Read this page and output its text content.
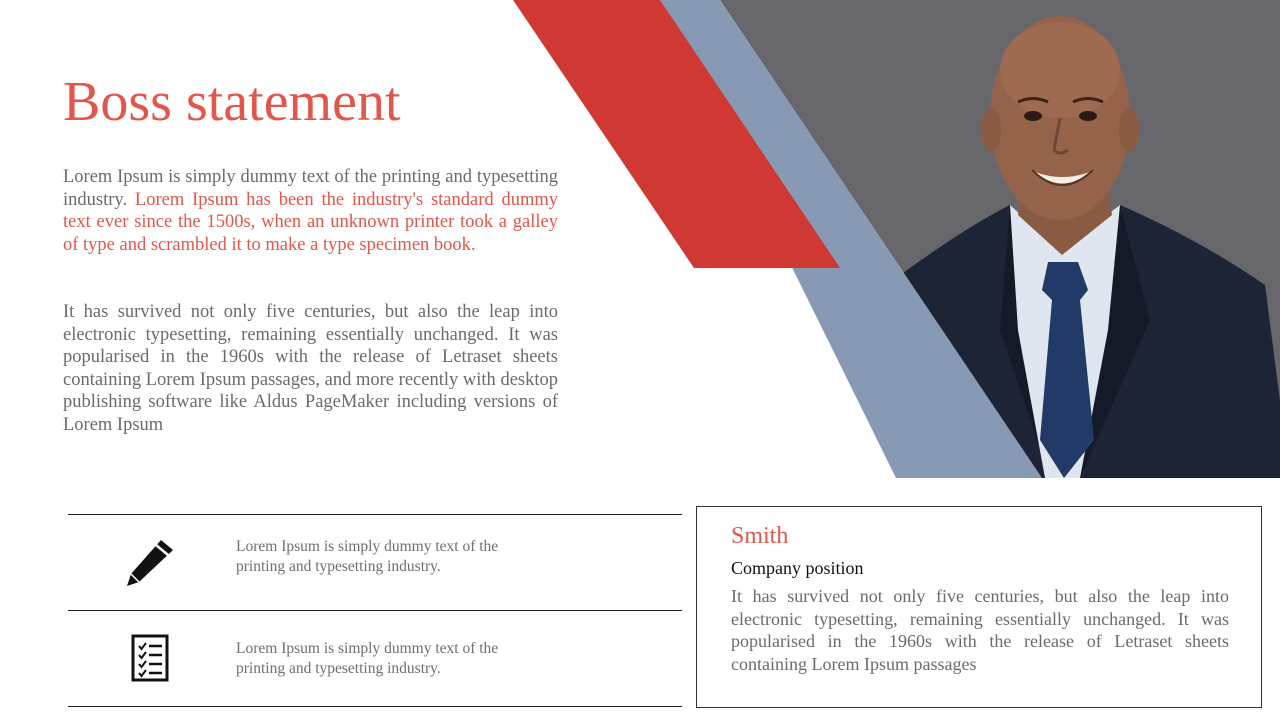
Boss statement

Lorem Ipsum is simply dummy text of the printing and typesetting industry. Lorem Ipsum has been the industry's standard dummy text ever since the 1500s, when an unknown printer took a galley of type and scrambled it to make a type specimen book.

It has survived not only five centuries, but also the leap into electronic typesetting, remaining essentially unchanged. It was popularised in the 1960s with the release of Letraset sheets containing Lorem Ipsum passages, and more recently with desktop publishing software like Aldus PageMaker including versions of Lorem Ipsum

Lorem Ipsum is simply dummy text of the printing and typesetting industry.

Lorem Ipsum is simply dummy text of the printing and typesetting industry.

Smith

Company position

It has survived not only five centuries, but also the leap into electronic typesetting, remaining essentially unchanged. It was popularised in the 1960s with the release of Letraset sheets containing Lorem Ipsum passages
